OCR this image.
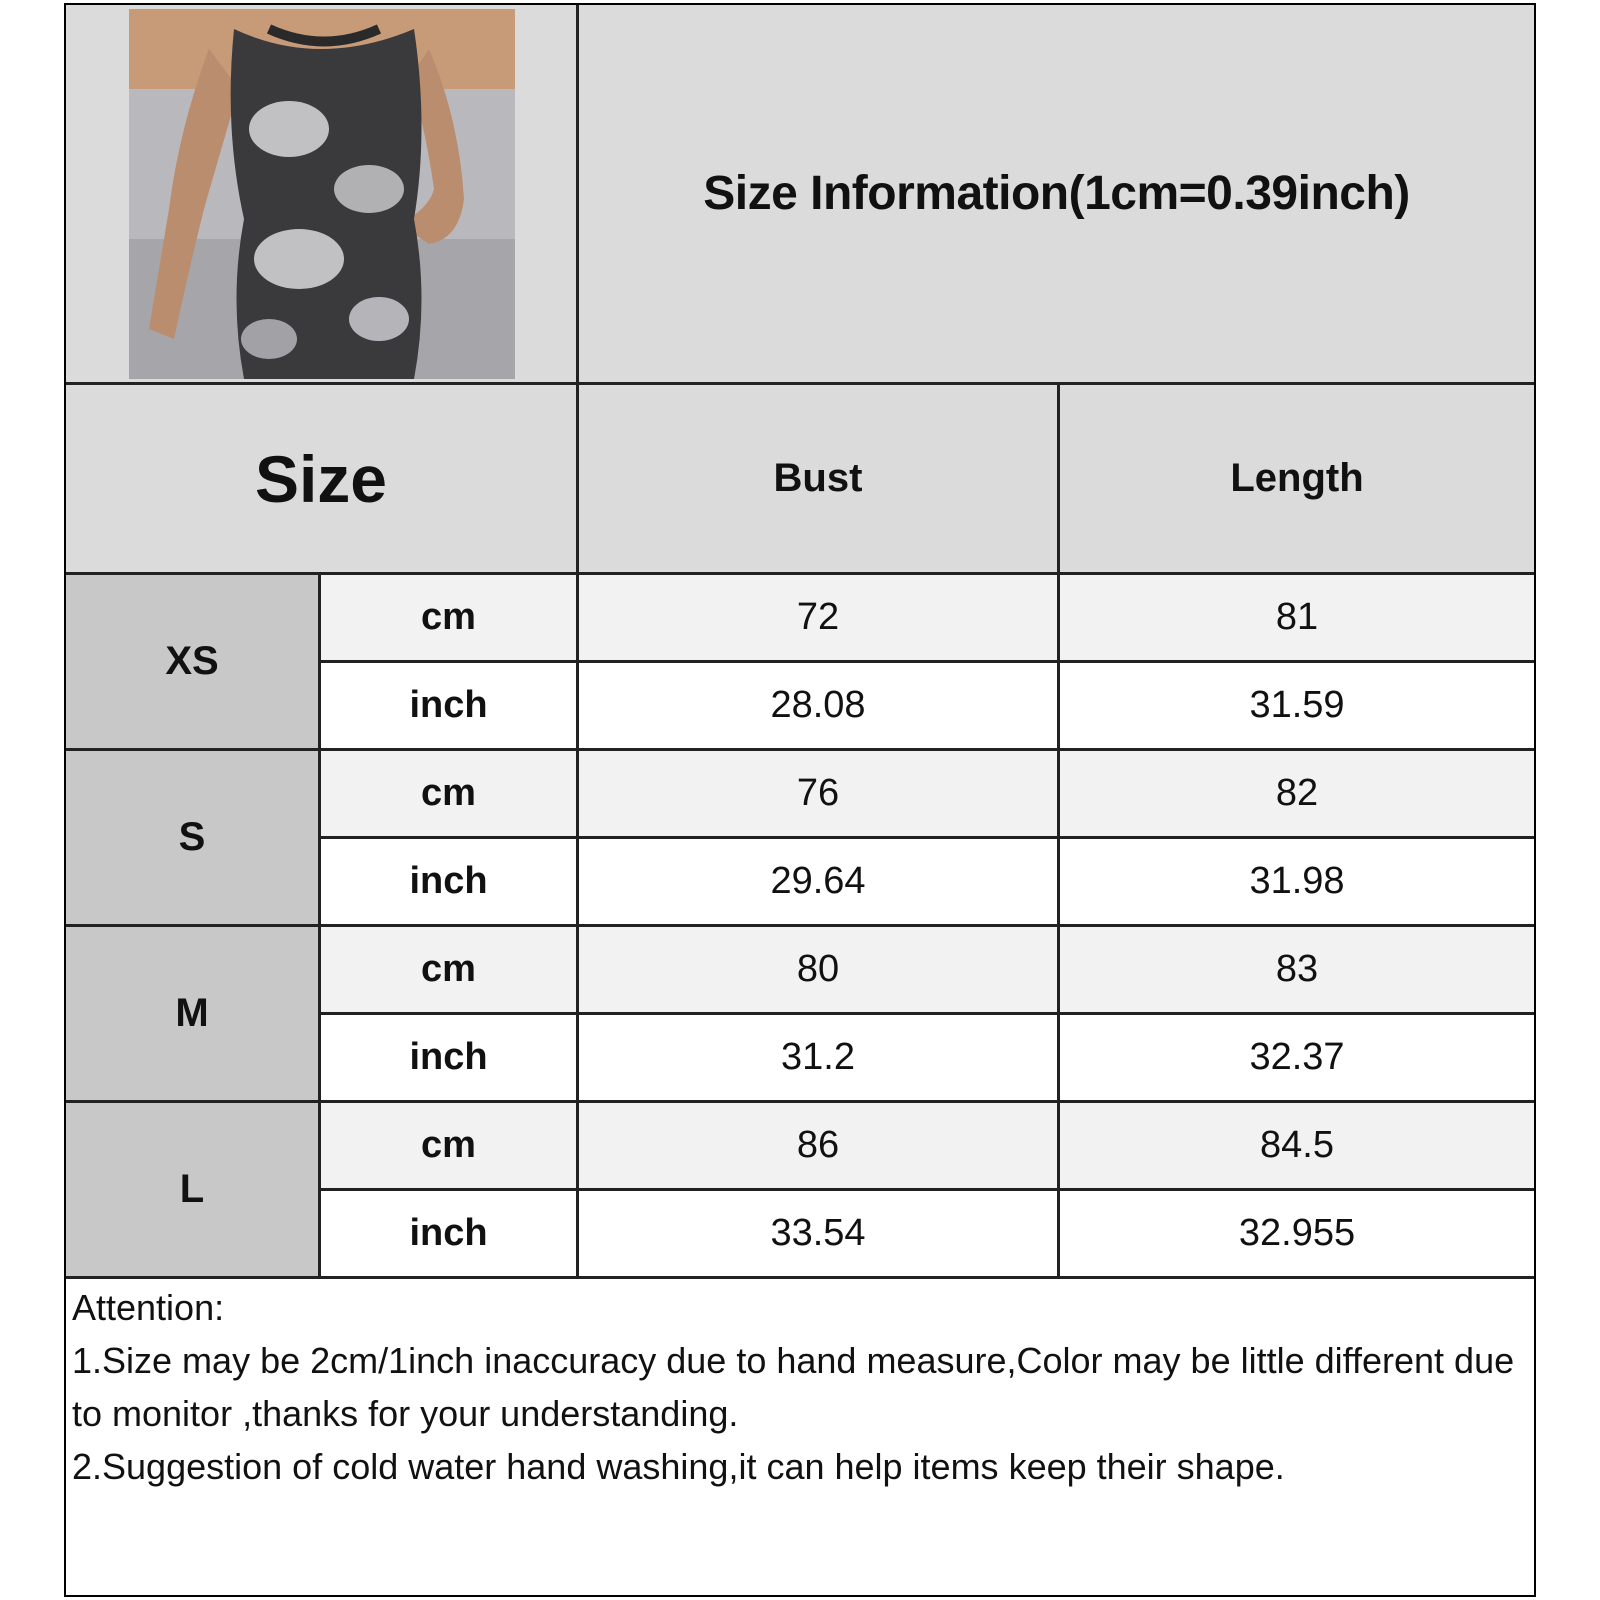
Size Information(1cm=0.39inch)
Size	Bust	Length
XS
cm	72	81
inch	28.08	31.59
S
cm	76	82
inch	29.64	31.98
M
cm	80	83
inch	31.2	32.37
L
cm	86	84.5
inch	33.54	32.955

Attention:

1.Size may be 2cm/1inch inaccuracy due to hand measure,Color may be little different due to monitor ,thanks for your understanding.

2.Suggestion of cold water hand washing,it can help items keep their shape.
